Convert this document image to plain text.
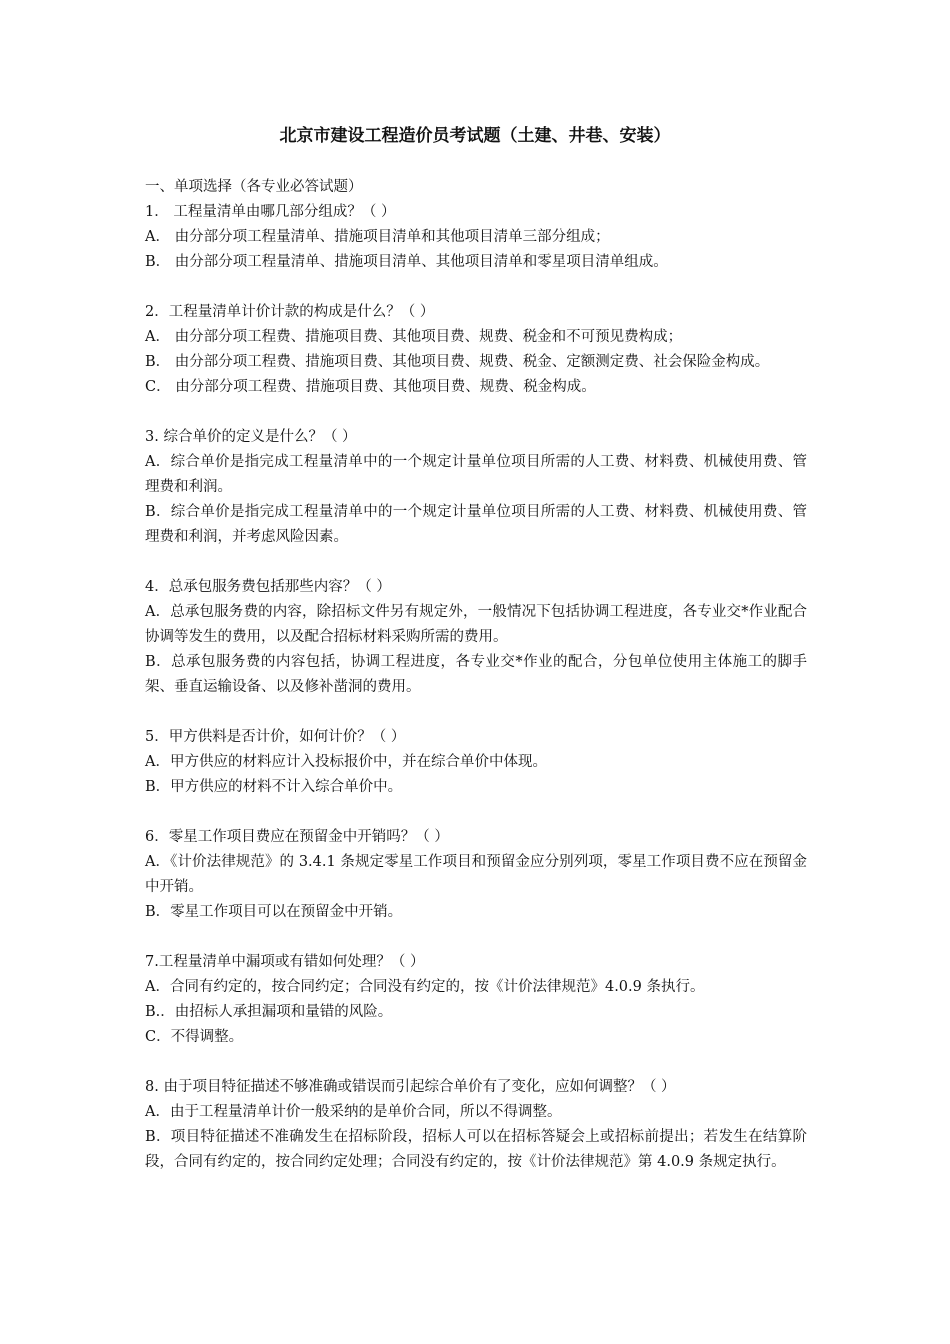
北京市建设工程造价员考试题（土建、井巷、安装）
一、单项选择（各专业必答试题）
1． 工程量清单由哪几部分组成？（ ）
A． 由分部分项工程量清单、措施项目清单和其他项目清单三部分组成；
B． 由分部分项工程量清单、措施项目清单、其他项目清单和零星项目清单组成。
2．工程量清单计价计款的构成是什么？（ ）
A． 由分部分项工程费、措施项目费、其他项目费、规费、税金和不可预见费构成；
B． 由分部分项工程费、措施项目费、其他项目费、规费、税金、定额测定费、社会保险金构成。
C． 由分部分项工程费、措施项目费、其他项目费、规费、税金构成。
3. 综合单价的定义是什么？（ ）
A．综合单价是指完成工程量清单中的一个规定计量单位项目所需的人工费、材料费、机械使用费、管理费和利润。
B．综合单价是指完成工程量清单中的一个规定计量单位项目所需的人工费、材料费、机械使用费、管理费和利润，并考虑风险因素。
4．总承包服务费包括那些内容？（ ）
A．总承包服务费的内容，除招标文件另有规定外，一般情况下包括协调工程进度，各专业交*作业配合协调等发生的费用，以及配合招标材料采购所需的费用。
B．总承包服务费的内容包括，协调工程进度，各专业交*作业的配合，分包单位使用主体施工的脚手架、垂直运输设备、以及修补凿洞的费用。
5．甲方供料是否计价，如何计价？（ ）
A．甲方供应的材料应计入投标报价中，并在综合单价中体现。
B．甲方供应的材料不计入综合单价中。
6．零星工作项目费应在预留金中开销吗？（ ）
A．《计价法律规范》的 3.4.1 条规定零星工作项目和预留金应分别列项，零星工作项目费不应在预留金中开销。
B．零星工作项目可以在预留金中开销。
7.工程量清单中漏项或有错如何处理？（ ）
A．合同有约定的，按合同约定；合同没有约定的，按《计价法律规范》4.0.9 条执行。
B.．由招标人承担漏项和量错的风险。
C．不得调整。
8. 由于项目特征描述不够准确或错误而引起综合单价有了变化，应如何调整？（ ）
A．由于工程量清单计价一般采纳的是单价合同，所以不得调整。
B．项目特征描述不准确发生在招标阶段，招标人可以在招标答疑会上或招标前提出；若发生在结算阶段，合同有约定的，按合同约定处理；合同没有约定的，按《计价法律规范》第 4.0.9 条规定执行。
